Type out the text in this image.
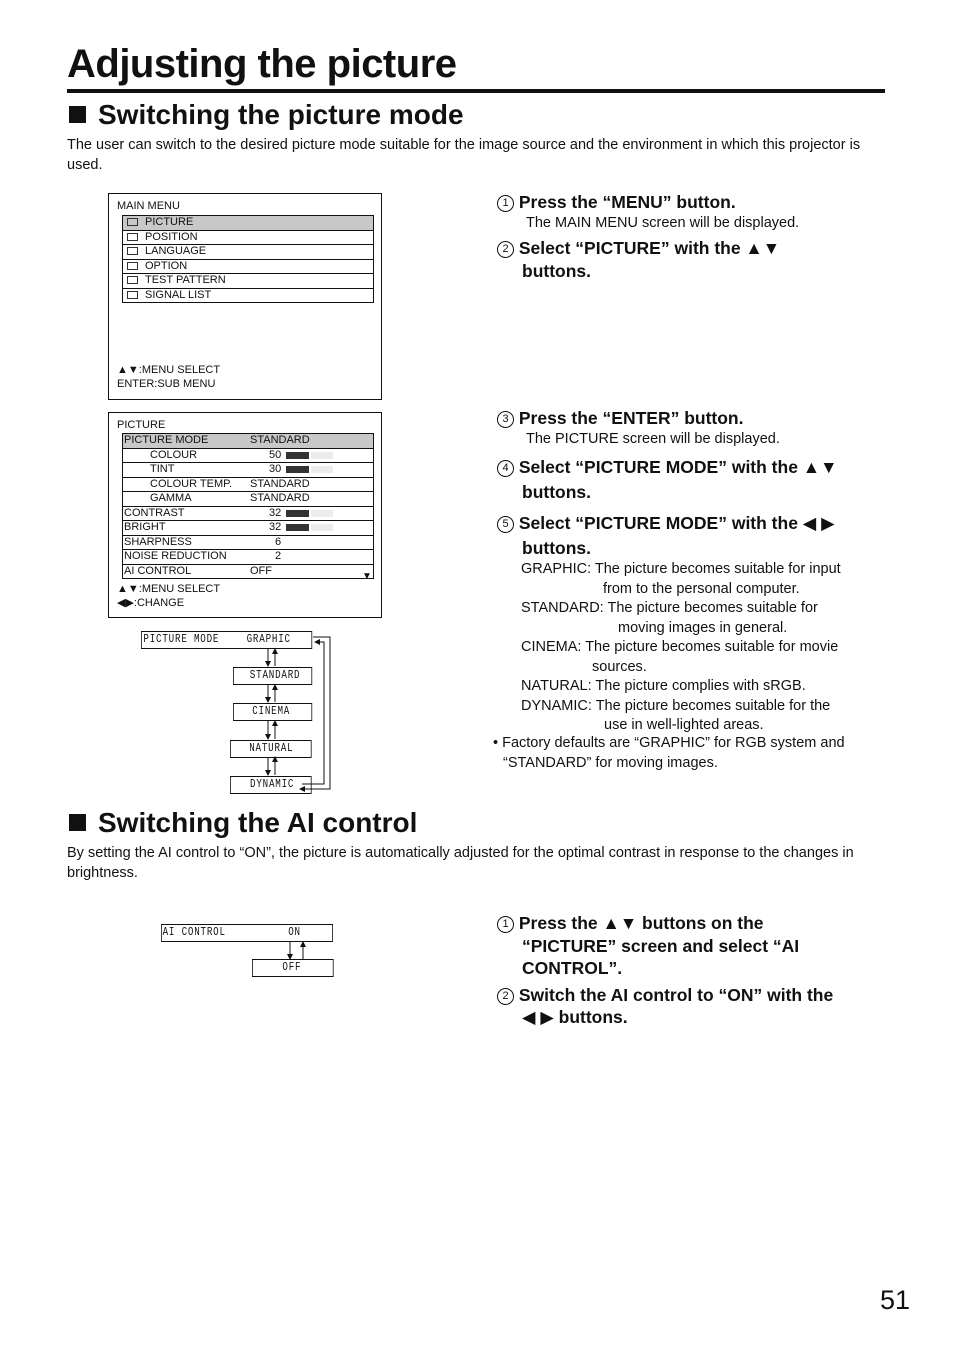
Adjusting the picture
Switching the picture mode

The user can switch to the desired picture mode suitable for the image source and the environment in which this projector is used.

MAIN MENU
PICTURE
POSITION
LANGUAGE
OPTION
TEST PATTERN
SIGNAL LIST
▲▼:MENU SELECT
ENTER:SUB MENU
PICTURE
PICTURE MODE	STANDARD
COLOUR	50
TINT	30
COLOUR TEMP. STANDARD
GAMMA	STANDARD
CONTRAST	32
BRIGHT	32
SHARPNESS	6
NOISE REDUCTION	2
AI CONTROL	OFF	▼
▲▼:MENU SELECT
◀▶:CHANGE
PICTURE MODE GRAPHIC
STANDARD
CINEMA
NATURAL
DYNAMIC

1 Press the “MENU” button.

The MAIN MENU screen will be displayed.

2 Select “PICTURE” with the ▲▼ buttons.

3 Press the “ENTER” button.

The PICTURE screen will be displayed.

4 Select “PICTURE MODE” with the ▲▼ buttons.

5 Select “PICTURE MODE” with the ◀ ▶ buttons.

GRAPHIC: The picture becomes suitable for input
from to the personal computer.
STANDARD: The picture becomes suitable for
moving images in general.
CINEMA: The picture becomes suitable for movie
sources.
NATURAL: The picture complies with sRGB.
DYNAMIC: The picture becomes suitable for the
use in well-lighted areas.
• Factory defaults are “GRAPHIC” for RGB system and
“STANDARD” for moving images.
Switching the AI control

By setting the AI control to “ON”, the picture is automatically adjusted for the optimal contrast in response to the changes in brightness.

AI CONTROL	ON
OFF
1 Press the ▲▼ buttons on the
“PICTURE” screen and select “AI
CONTROL”.
2 Switch the AI control to “ON” with the
◀ ▶ buttons.
51
